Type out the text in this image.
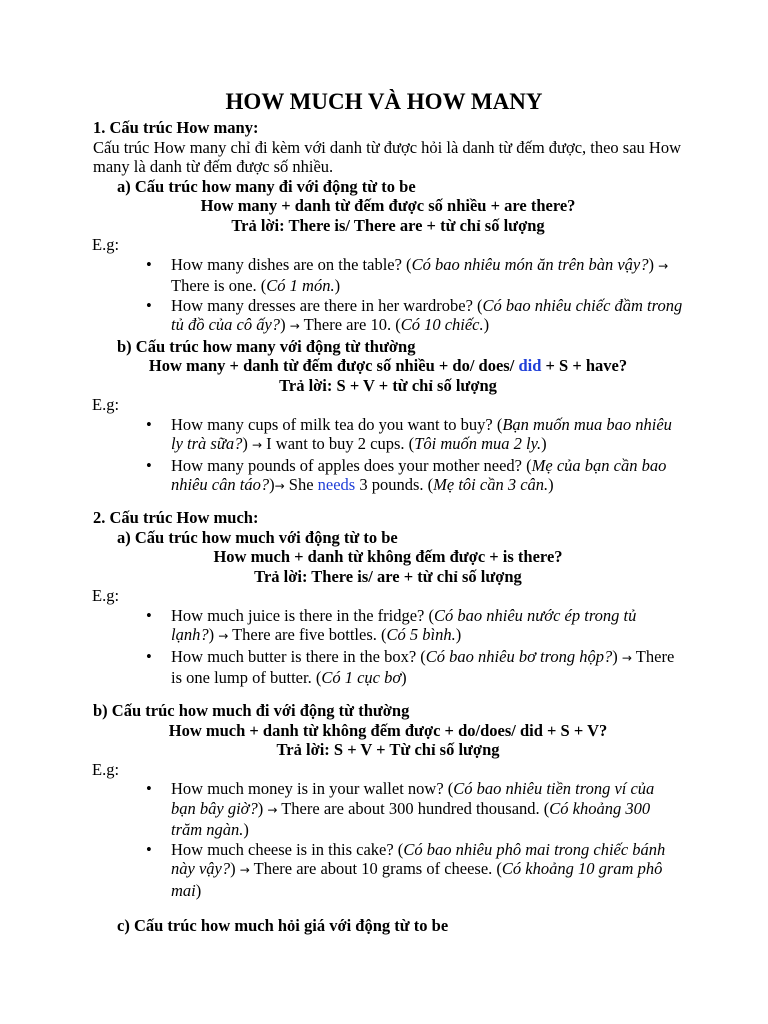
HOW MUCH VÀ HOW MANY
1. Cấu trúc How many:
Cấu trúc How many chỉ đi kèm với danh từ được hỏi là danh từ đếm được, theo sau How many là danh từ đếm được số nhiều.
a) Cấu trúc how many đi với động từ to be
How many + danh từ đếm được số nhiều + are there?
Trả lời: There is/ There are + từ chỉ số lượng
E.g:
• How many dishes are on the table? (Có bao nhiêu món ăn trên bàn vậy?) → There is one. (Có 1 món.)
• How many dresses are there in her wardrobe? (Có bao nhiêu chiếc đầm trong tủ đồ của cô ấy?) → There are 10. (Có 10 chiếc.)
b) Cấu trúc how many với động từ thường
How many + danh từ đếm được số nhiều + do/ does/ did + S + have?
Trả lời: S + V + từ chỉ số lượng
E.g:
• How many cups of milk tea do you want to buy? (Bạn muốn mua bao nhiêu ly trà sữa?) → I want to buy 2 cups. (Tôi muốn mua 2 ly.)
• How many pounds of apples does your mother need? (Mẹ của bạn cần bao nhiêu cân táo?)→ She needs 3 pounds. (Mẹ tôi cần 3 cân.)
2. Cấu trúc How much:
a) Cấu trúc how much với động từ to be
How much + danh từ không đếm được + is there?
Trả lời: There is/ are + từ chỉ số lượng
E.g:
• How much juice is there in the fridge? (Có bao nhiêu nước ép trong tủ lạnh?) → There are five bottles. (Có 5 bình.)
• How much butter is there in the box? (Có bao nhiêu bơ trong hộp?) → There is one lump of butter. (Có 1 cục bơ)
b) Cấu trúc how much đi với động từ thường
How much + danh từ không đếm được + do/does/ did + S + V?
Trả lời: S + V + Từ chỉ số lượng
E.g:
• How much money is in your wallet now? (Có bao nhiêu tiền trong ví của bạn bây giờ?) → There are about 300 hundred thousand. (Có khoảng 300 trăm ngàn.)
• How much cheese is in this cake? (Có bao nhiêu phô mai trong chiếc bánh này vậy?) → There are about 10 grams of cheese. (Có khoảng 10 gram phô mai)
c) Cấu trúc how much hỏi giá với động từ to be
